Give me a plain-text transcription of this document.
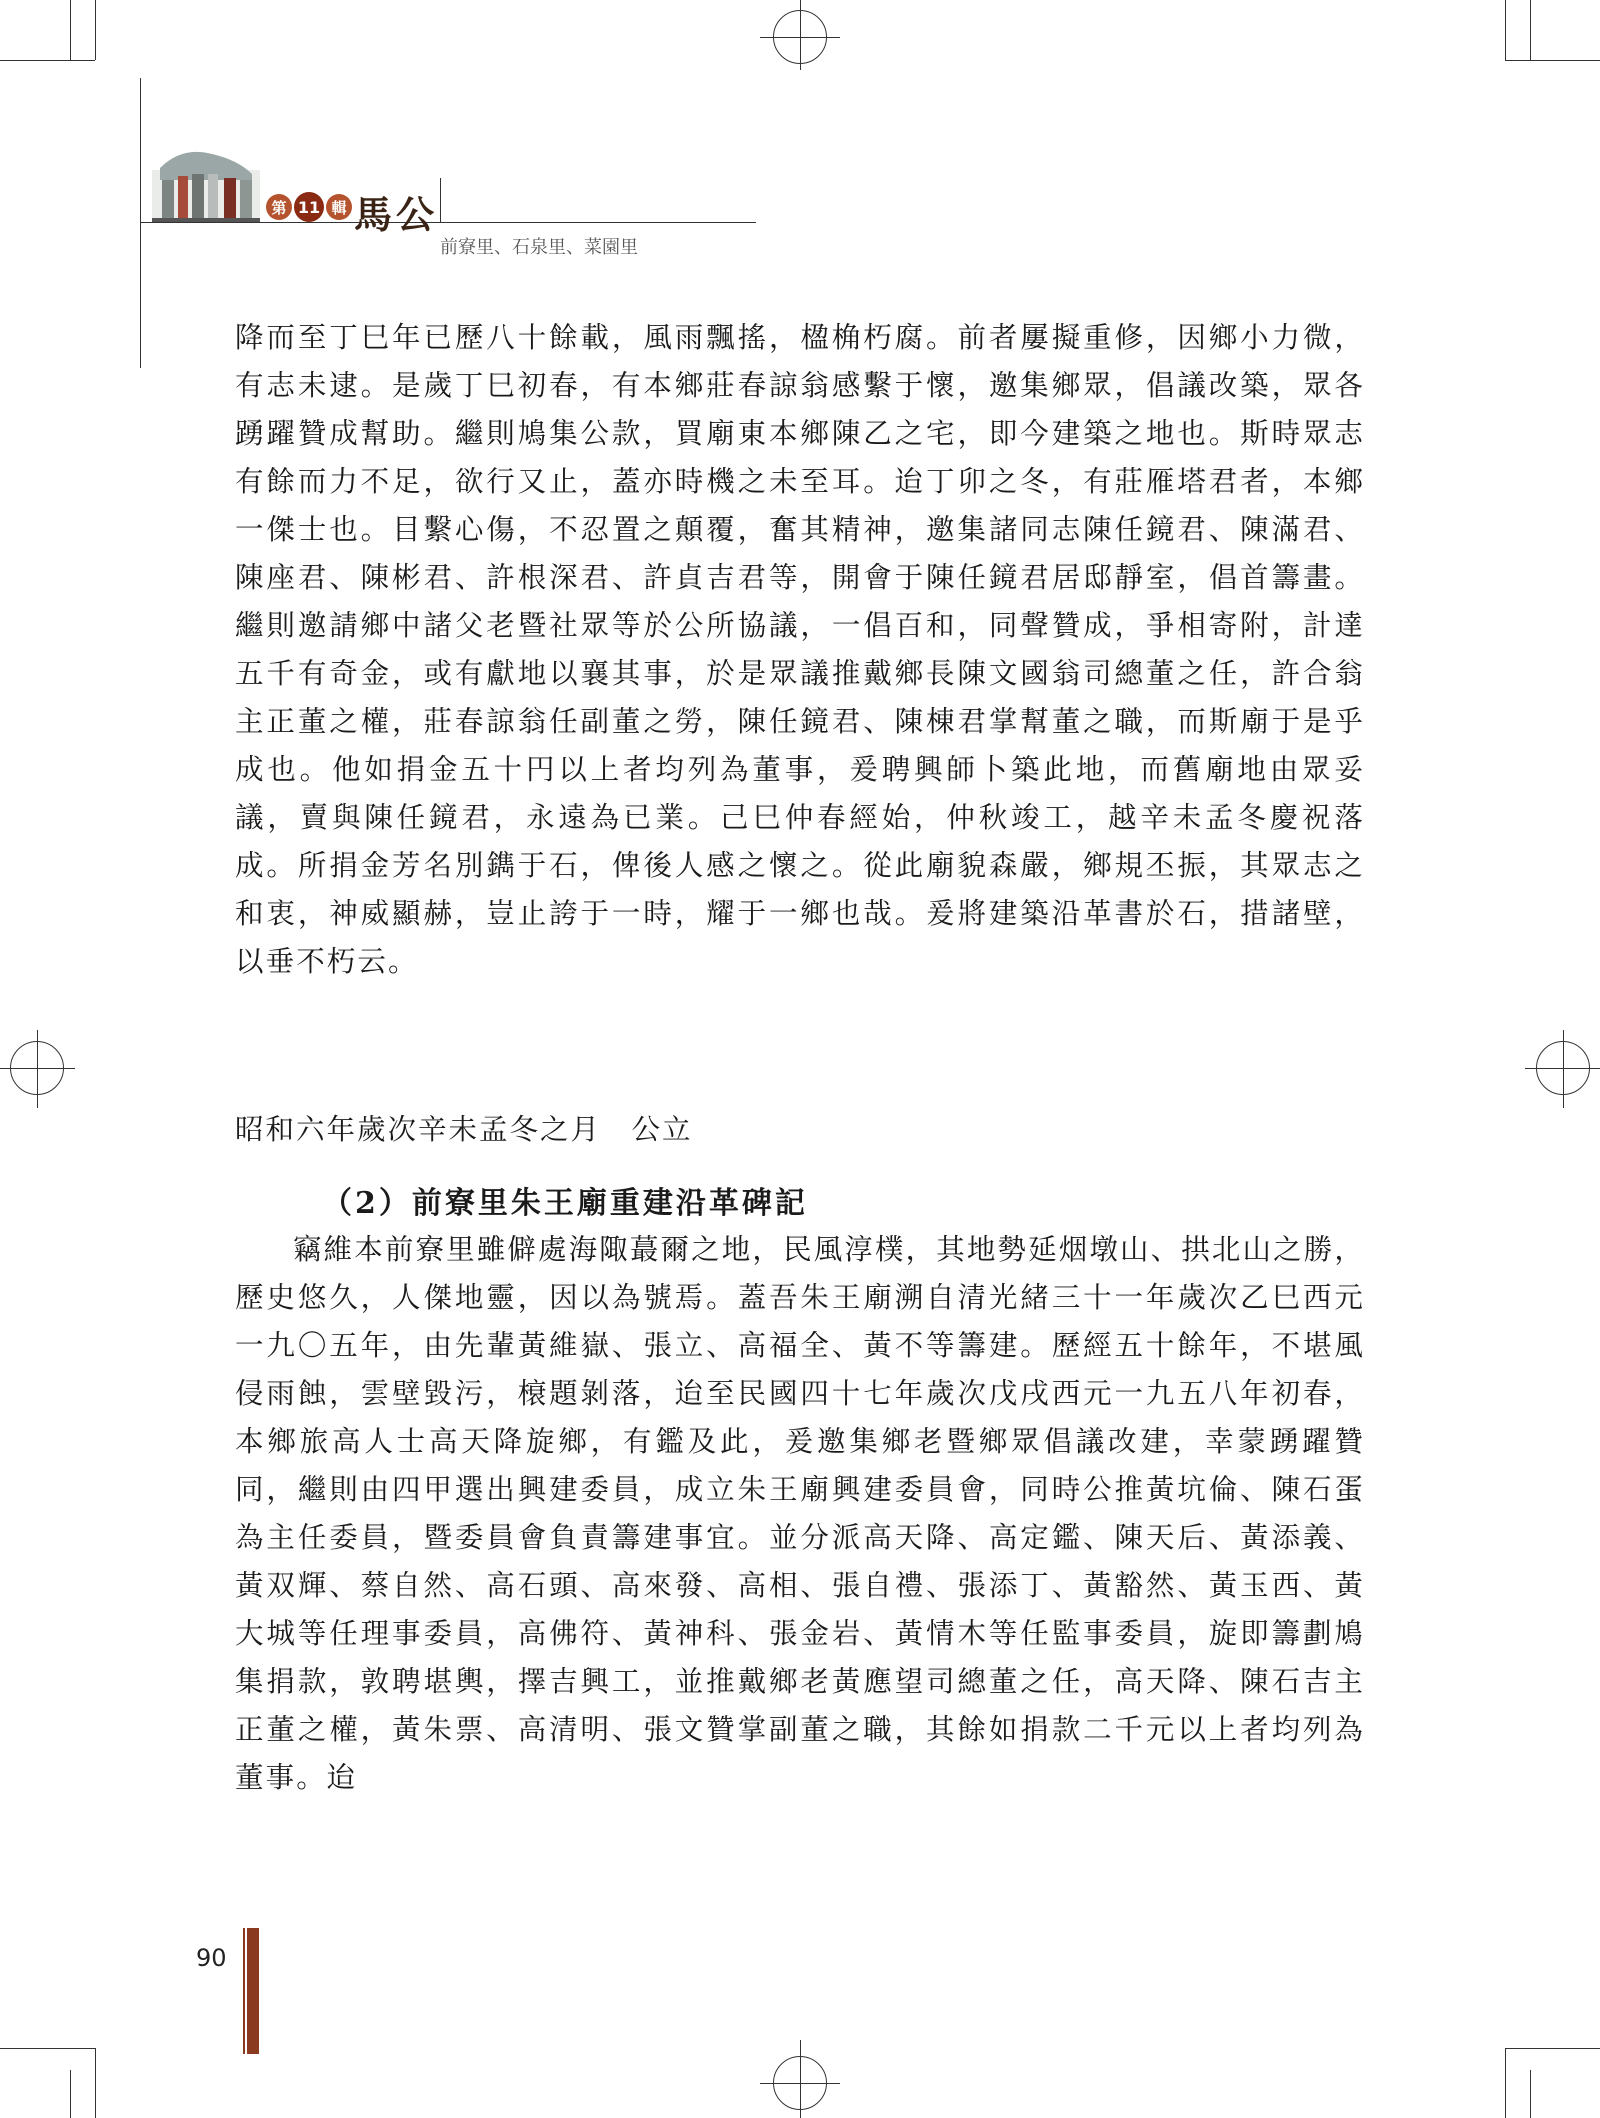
第 11 輯 馬公
前寮里、石泉里、菜園里

降而至丁巳年已歷八十餘載，風雨飄搖，楹桷朽腐。前者屢擬重修，因鄉小力微，有志未逮。是歲丁巳初春，有本鄉莊春諒翁感繫于懷，邀集鄉眾，倡議改築，眾各踴躍贊成幫助。繼則鳩集公款，買廟東本鄉陳乙之宅，即今建築之地也。斯時眾志有餘而力不足，欲行又止，蓋亦時機之未至耳。迨丁卯之冬，有莊雁塔君者，本鄉一傑士也。目繫心傷，不忍置之顛覆，奮其精神，邀集諸同志陳任鏡君、陳滿君、陳座君、陳彬君、許根深君、許貞吉君等，開會于陳任鏡君居邸靜室，倡首籌畫。繼則邀請鄉中諸父老暨社眾等於公所協議，一倡百和，同聲贊成，爭相寄附，計達五千有奇金，或有獻地以襄其事，於是眾議推戴鄉長陳文國翁司總董之任，許合翁主正董之權，莊春諒翁任副董之勞，陳任鏡君、陳棟君掌幫董之職，而斯廟于是乎成也。他如捐金五十円以上者均列為董事，爰聘興師卜築此地，而舊廟地由眾妥議，賣與陳任鏡君，永遠為已業。己巳仲春經始，仲秋竣工，越辛未孟冬慶祝落成。所捐金芳名別鐫于石，俾後人感之懷之。從此廟貌森嚴，鄉規丕振，其眾志之和衷，神威顯赫，豈止誇于一時，耀于一鄉也哉。爰將建築沿革書於石，措諸壁，以垂不朽云。

昭和六年歲次辛未孟冬之月　公立
（2）前寮里朱王廟重建沿革碑記

竊維本前寮里雖僻處海陬蕞爾之地，民風淳樸，其地勢延烟墩山、拱北山之勝，歷史悠久，人傑地靈，因以為號焉。蓋吾朱王廟溯自清光緒三十一年歲次乙巳西元一九〇五年，由先輩黃維嶽、張立、高福全、黃不等籌建。歷經五十餘年，不堪風侵雨蝕，雲壁毀污，榱題剝落，迨至民國四十七年歲次戊戌西元一九五八年初春，本鄉旅高人士高天降旋鄉，有鑑及此，爰邀集鄉老暨鄉眾倡議改建，幸蒙踴躍贊同，繼則由四甲選出興建委員，成立朱王廟興建委員會，同時公推黃坑倫、陳石蛋為主任委員，暨委員會負責籌建事宜。並分派高天降、高定鑑、陳天后、黃添義、黃双輝、蔡自然、高石頭、高來發、高相、張自禮、張添丁、黃豁然、黃玉西、黃大城等任理事委員，高佛符、黃神科、張金岩、黃情木等任監事委員，旋即籌劃鳩集捐款，敦聘堪輿，擇吉興工，並推戴鄉老黃應望司總董之任，高天降、陳石吉主正董之權，黃朱票、高清明、張文贊掌副董之職，其餘如捐款二千元以上者均列為董事。迨

90
